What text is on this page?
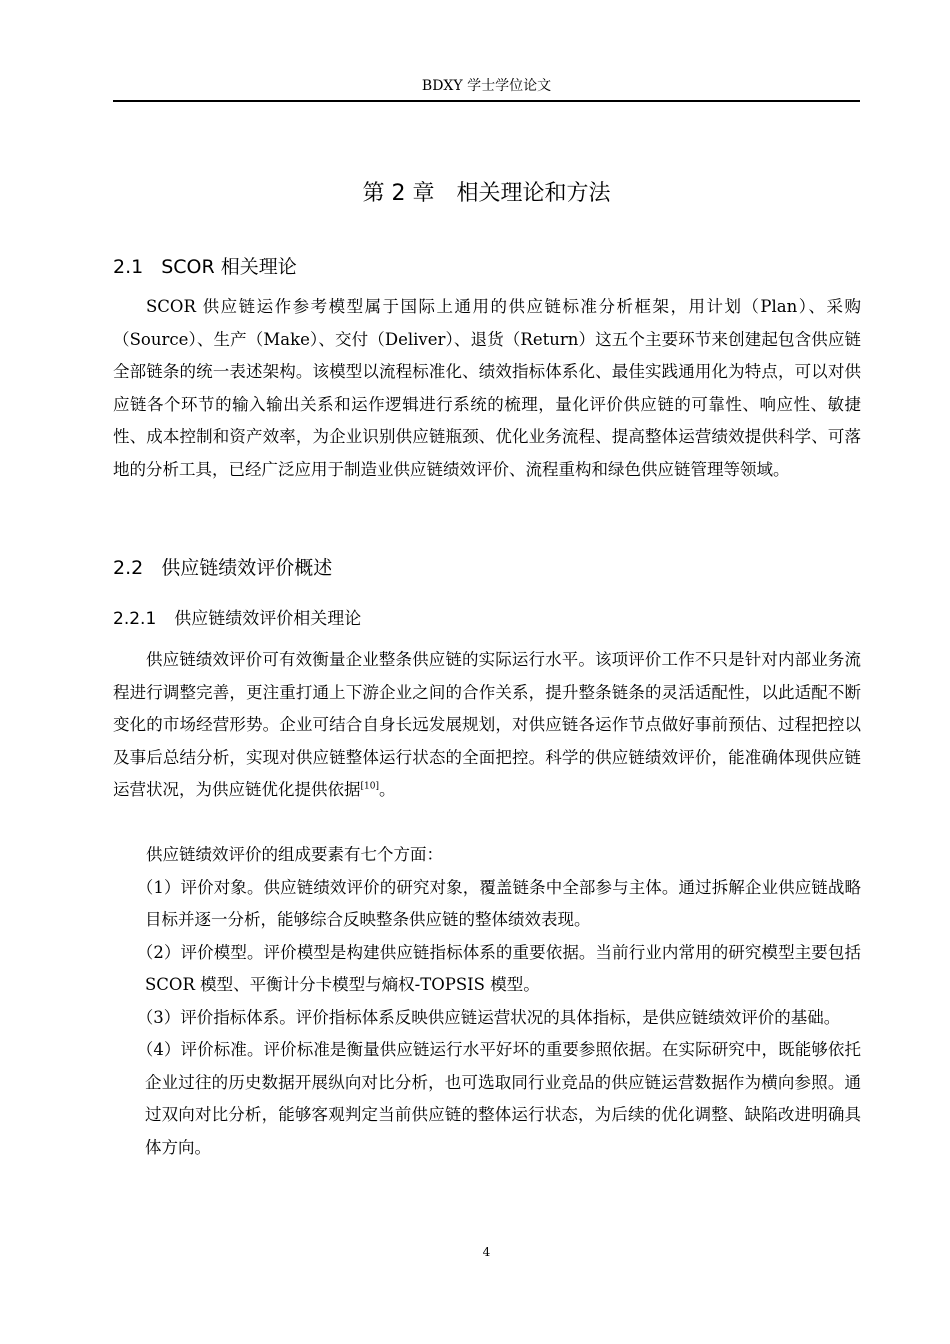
BDXY 学士学位论文
第 2 章　相关理论和方法
2.1 SCOR 相关理论

SCOR 供应链运作参考模型属于国际上通用的供应链标准分析框架，用计划（Plan）、采购（Source）、生产（Make）、交付（Deliver）、退货（Return）这五个主要环节来创建起包含供应链全部链条的统一表述架构。该模型以流程标准化、绩效指标体系化、最佳实践通用化为特点，可以对供应链各个环节的输入输出关系和运作逻辑进行系统的梳理，量化评价供应链的可靠性、响应性、敏捷性、成本控制和资产效率，为企业识别供应链瓶颈、优化业务流程、提高整体运营绩效提供科学、可落地的分析工具，已经广泛应用于制造业供应链绩效评价、流程重构和绿色供应链管理等领域。

2.2 供应链绩效评价概述
2.2.1 供应链绩效评价相关理论

供应链绩效评价可有效衡量企业整条供应链的实际运行水平。该项评价工作不只是针对内部业务流程进行调整完善，更注重打通上下游企业之间的合作关系，提升整条链条的灵活适配性，以此适配不断变化的市场经营形势。企业可结合自身长远发展规划，对供应链各运作节点做好事前预估、过程把控以及事后总结分析，实现对供应链整体运行状态的全面把控。科学的供应链绩效评价，能准确体现供应链运营状况，为供应链优化提供依据[10]。

供应链绩效评价的组成要素有七个方面：

（1）评价对象。供应链绩效评价的研究对象，覆盖链条中全部参与主体。通过拆解企业供应链战略目标并逐一分析，能够综合反映整条供应链的整体绩效表现。

（2）评价模型。评价模型是构建供应链指标体系的重要依据。当前行业内常用的研究模型主要包括 SCOR 模型、平衡计分卡模型与熵权-TOPSIS 模型。

（3）评价指标体系。评价指标体系反映供应链运营状况的具体指标，是供应链绩效评价的基础。

（4）评价标准。评价标准是衡量供应链运行水平好坏的重要参照依据。在实际研究中，既能够依托企业过往的历史数据开展纵向对比分析，也可选取同行业竞品的供应链运营数据作为横向参照。通过双向对比分析，能够客观判定当前供应链的整体运行状态，为后续的优化调整、缺陷改进明确具体方向。

4
